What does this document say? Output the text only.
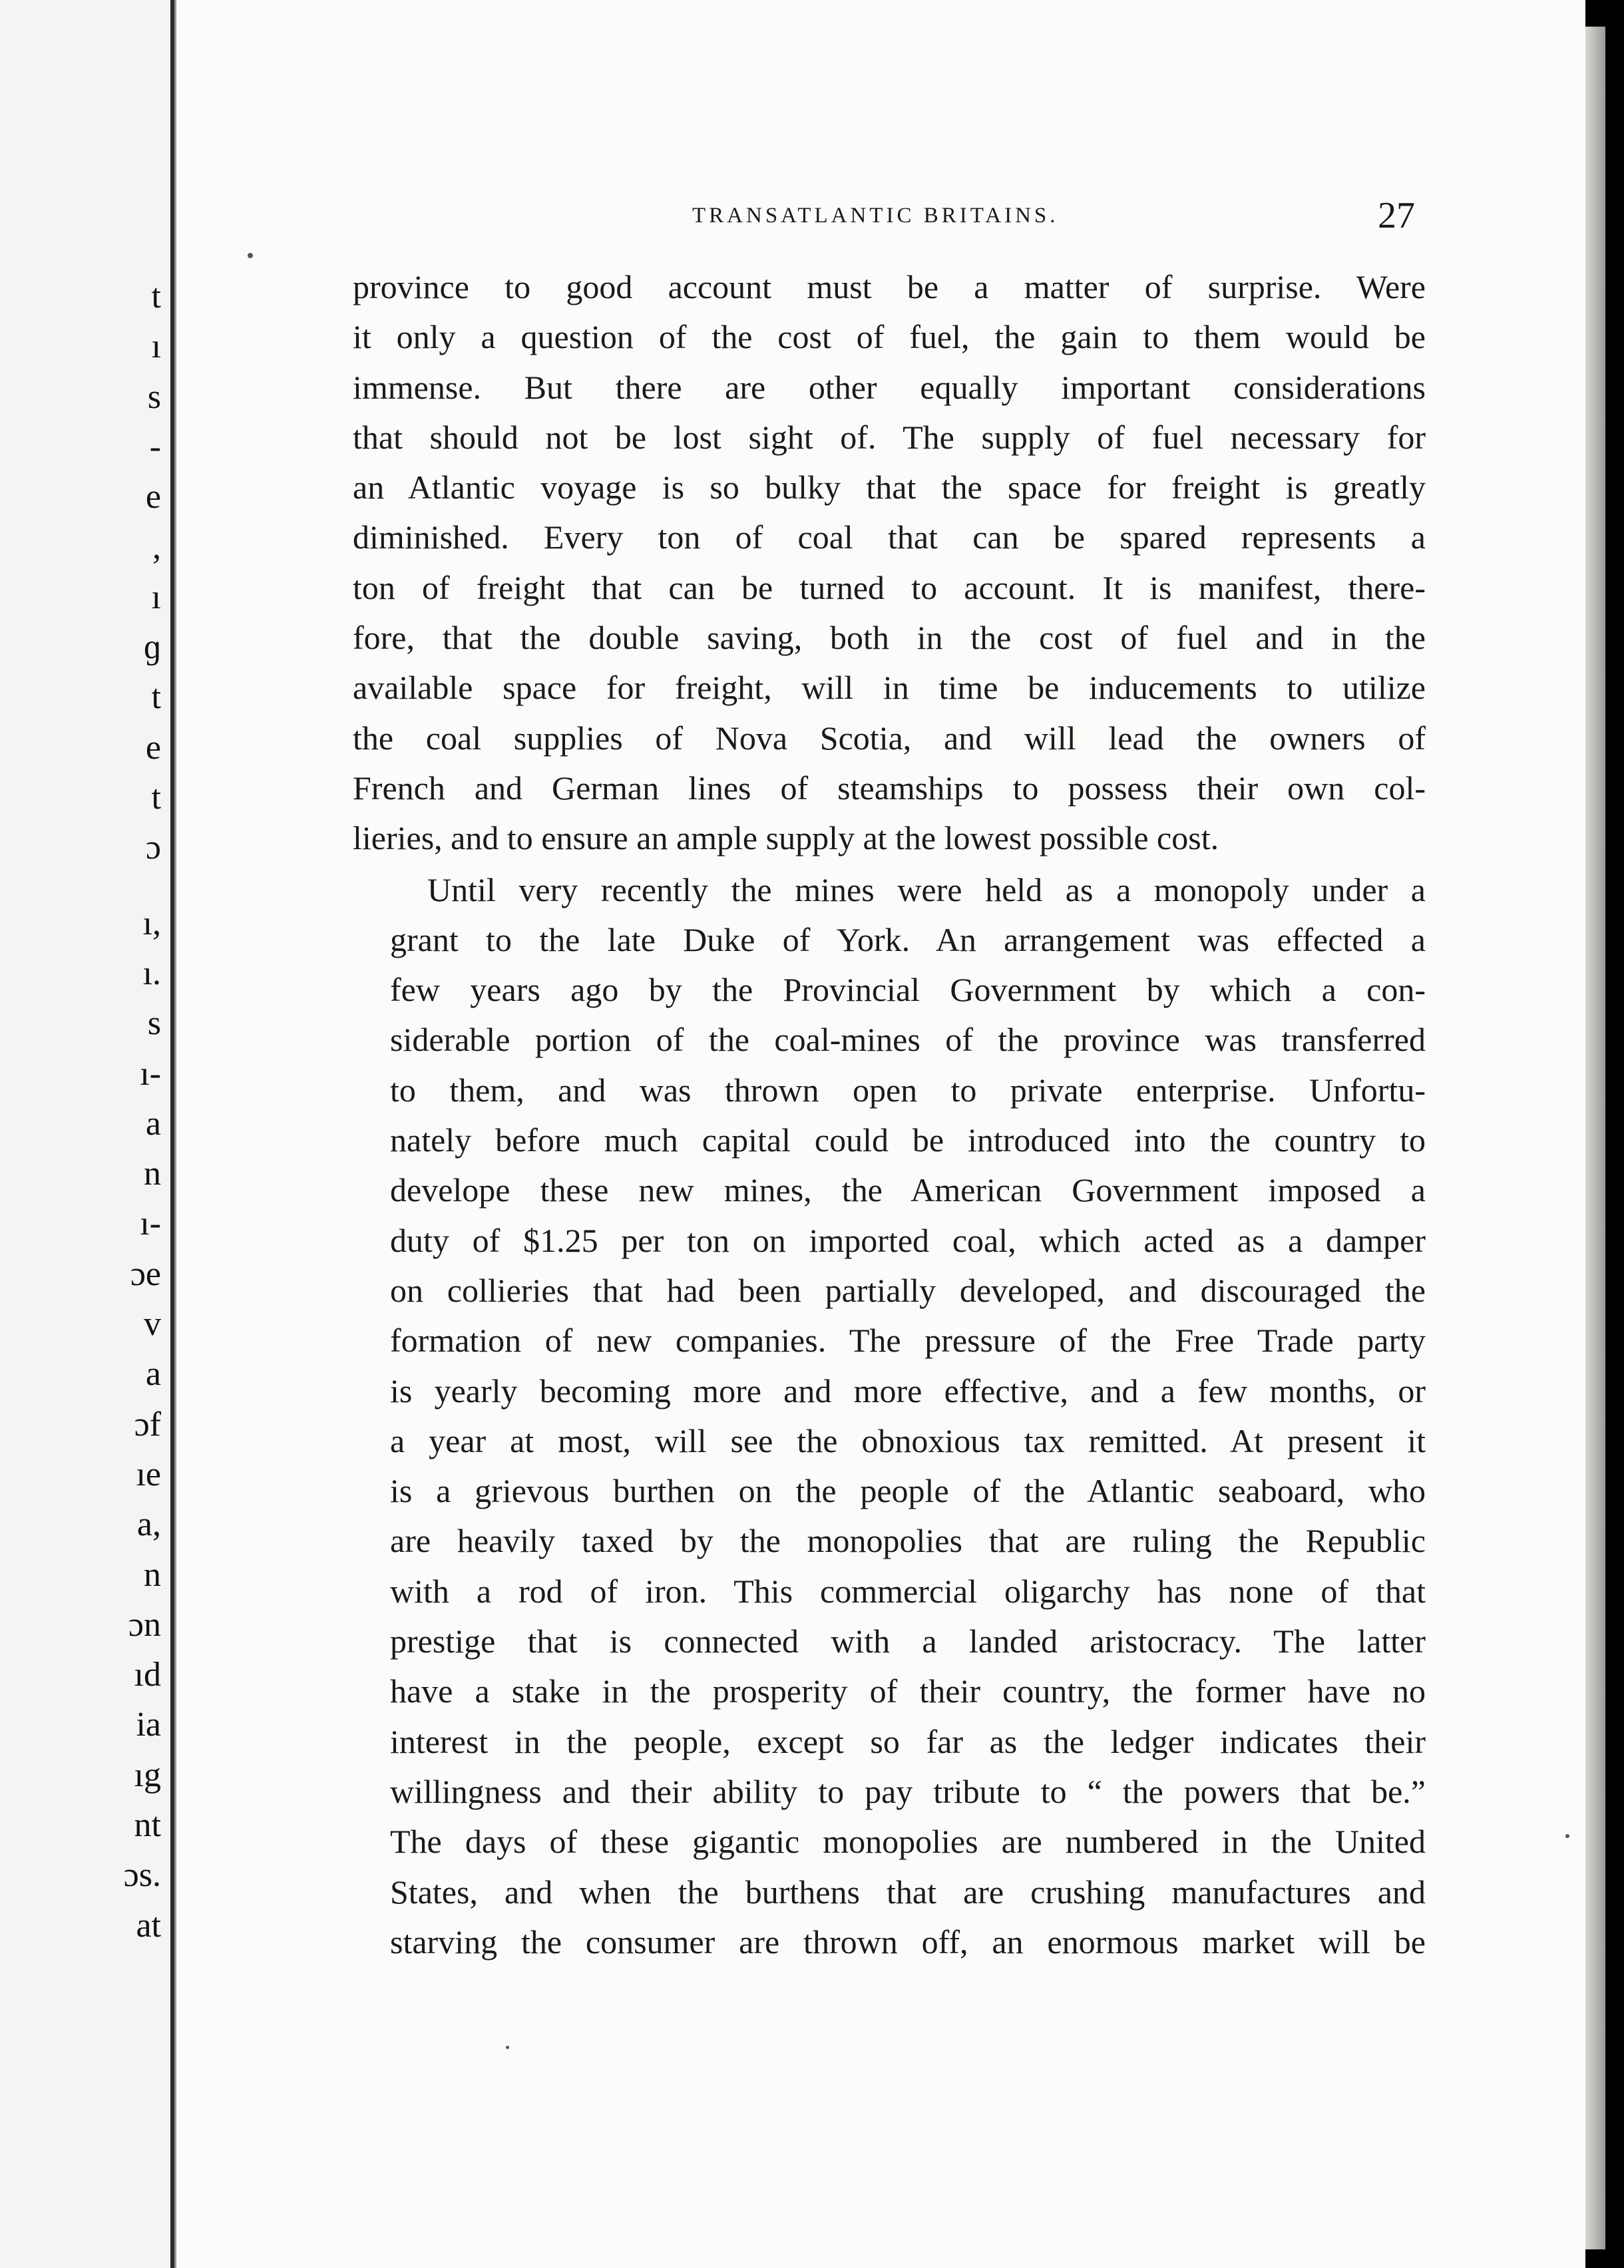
t
ı
s
-
e
,
ı
ɡ
t
e
t
ɔ
ı,
ı.
s
ı-
a
n
ı-
ɔe
v
a
ɔf
ıe
a,
n
ɔn
ıd
ia
ıg
nt
ɔs.
at
TRANSATLANTIC BRITAINS.	27
province to good account must be a matter of surprise. Were
it only a question of the cost of fuel, the gain to them would be
immense. But there are other equally important considerations
that should not be lost sight of. The supply of fuel necessary for
an Atlantic voyage is so bulky that the space for freight is greatly
diminished. Every ton of coal that can be spared represents a
ton of freight that can be turned to account. It is manifest, there-
fore, that the double saving, both in the cost of fuel and in the
available space for freight, will in time be inducements to utilize
the coal supplies of Nova Scotia, and will lead the owners of
French and German lines of steamships to possess their own col-
lieries, and to ensure an ample supply at the lowest possible cost.
Until very recently the mines were held as a monopoly under a
grant to the late Duke of York. An arrangement was effected a
few years ago by the Provincial Government by which a con-
siderable portion of the coal-mines of the province was transferred
to them, and was thrown open to private enterprise. Unfortu-
nately before much capital could be introduced into the country to
develope these new mines, the American Government imposed a
duty of $1.25 per ton on imported coal, which acted as a damper
on collieries that had been partially developed, and discouraged the
formation of new companies. The pressure of the Free Trade party
is yearly becoming more and more effective, and a few months, or
a year at most, will see the obnoxious tax remitted. At present it
is a grievous burthen on the people of the Atlantic seaboard, who
are heavily taxed by the monopolies that are ruling the Republic
with a rod of iron. This commercial oligarchy has none of that
prestige that is connected with a landed aristocracy. The latter
have a stake in the prosperity of their country, the former have no
interest in the people, except so far as the ledger indicates their
willingness and their ability to pay tribute to “ the powers that be.”
The days of these gigantic monopolies are numbered in the United
States, and when the burthens that are crushing manufactures and
starving the consumer are thrown off, an enormous market will be
